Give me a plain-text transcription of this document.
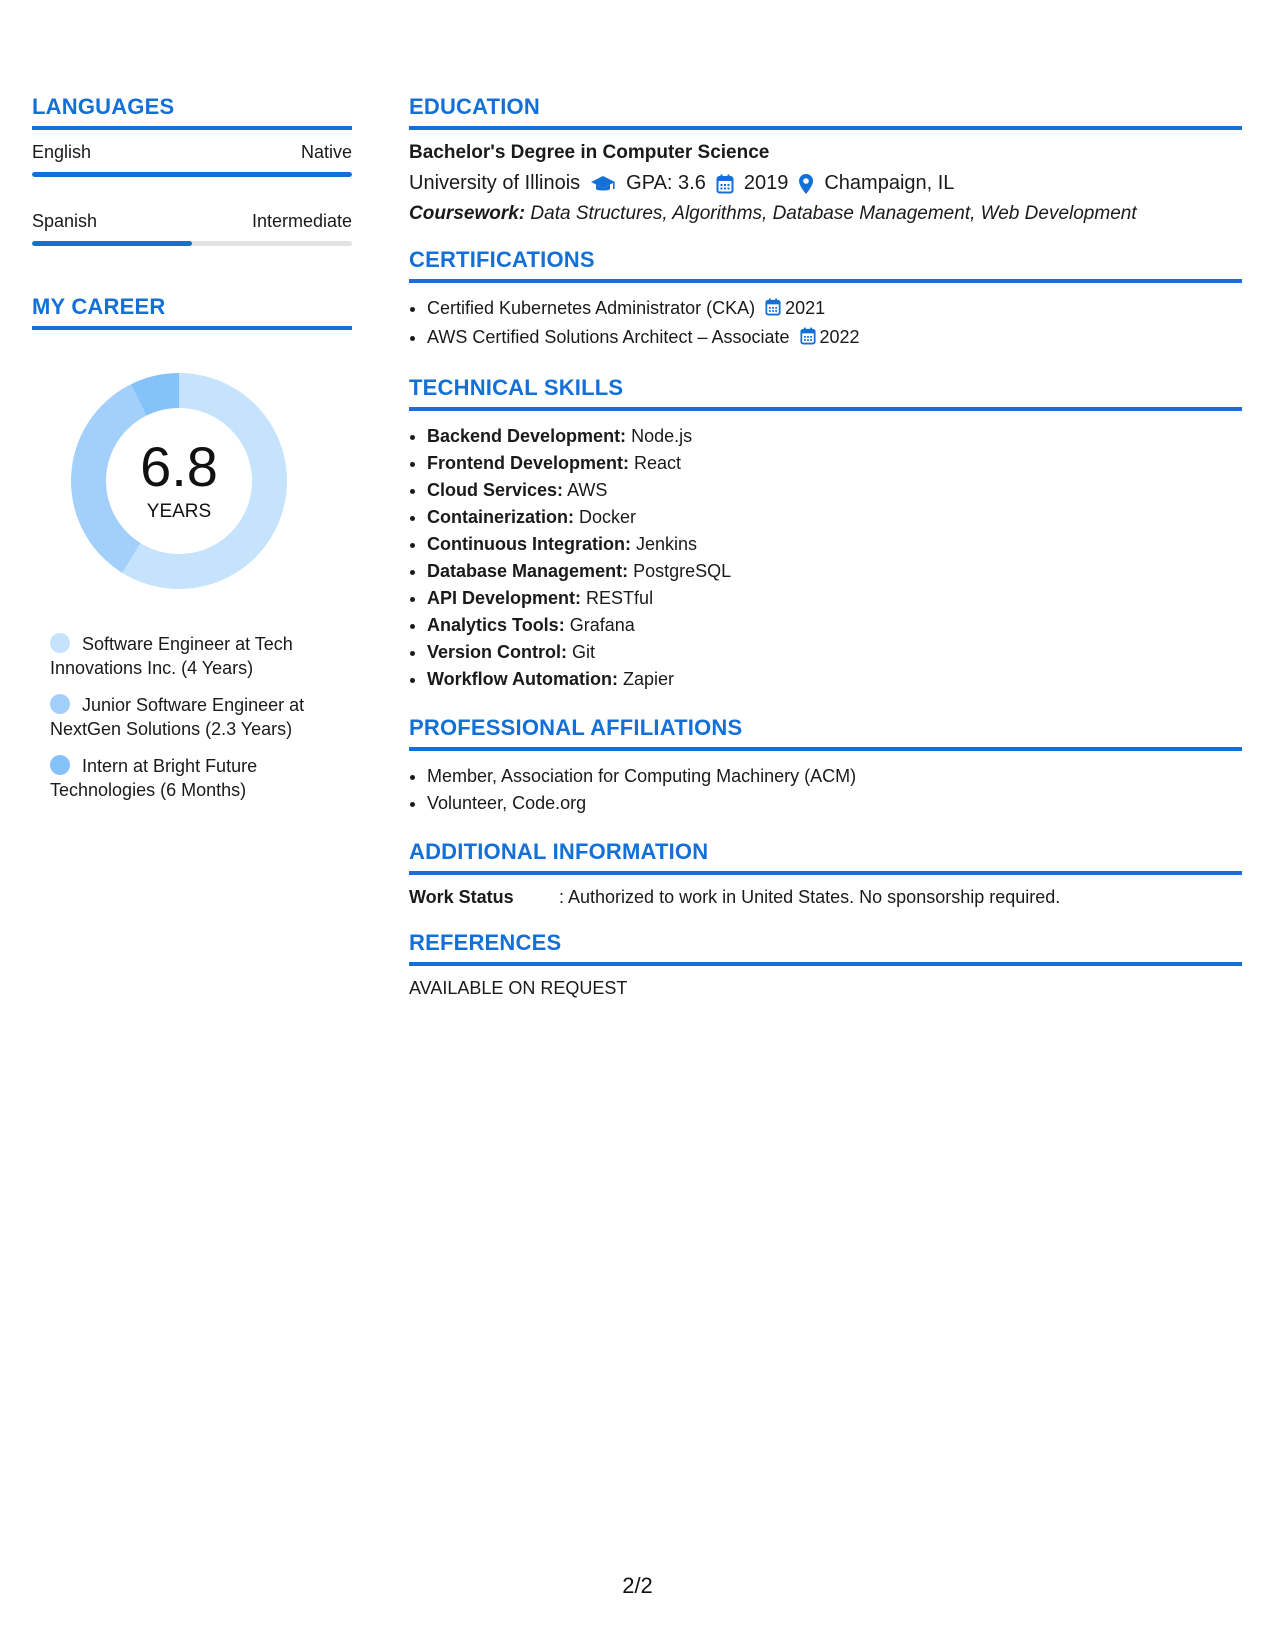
LANGUAGES
English	Native
Spanish	Intermediate
MY CAREER
6.8
YEARS
Software Engineer at Tech Innovations Inc. (4 Years)
Junior Software Engineer at NextGen Solutions (2.3 Years)
Intern at Bright Future Technologies (6 Months)
EDUCATION
Bachelor's Degree in Computer Science
University of Illinois GPA: 3.6 2019 Champaign, IL
Coursework: Data Structures, Algorithms, Database Management, Web Development
CERTIFICATIONS
• Certified Kubernetes Administrator (CKA) 2021
• AWS Certified Solutions Architect – Associate 2022
TECHNICAL SKILLS
• Backend Development: Node.js
• Frontend Development: React
• Cloud Services: AWS
• Containerization: Docker
• Continuous Integration: Jenkins
• Database Management: PostgreSQL
• API Development: RESTful
• Analytics Tools: Grafana
• Version Control: Git
• Workflow Automation: Zapier
PROFESSIONAL AFFILIATIONS
• Member, Association for Computing Machinery (ACM)
• Volunteer, Code.org
ADDITIONAL INFORMATION
Work Status	: Authorized to work in United States. No sponsorship required.
REFERENCES
AVAILABLE ON REQUEST
2/2
